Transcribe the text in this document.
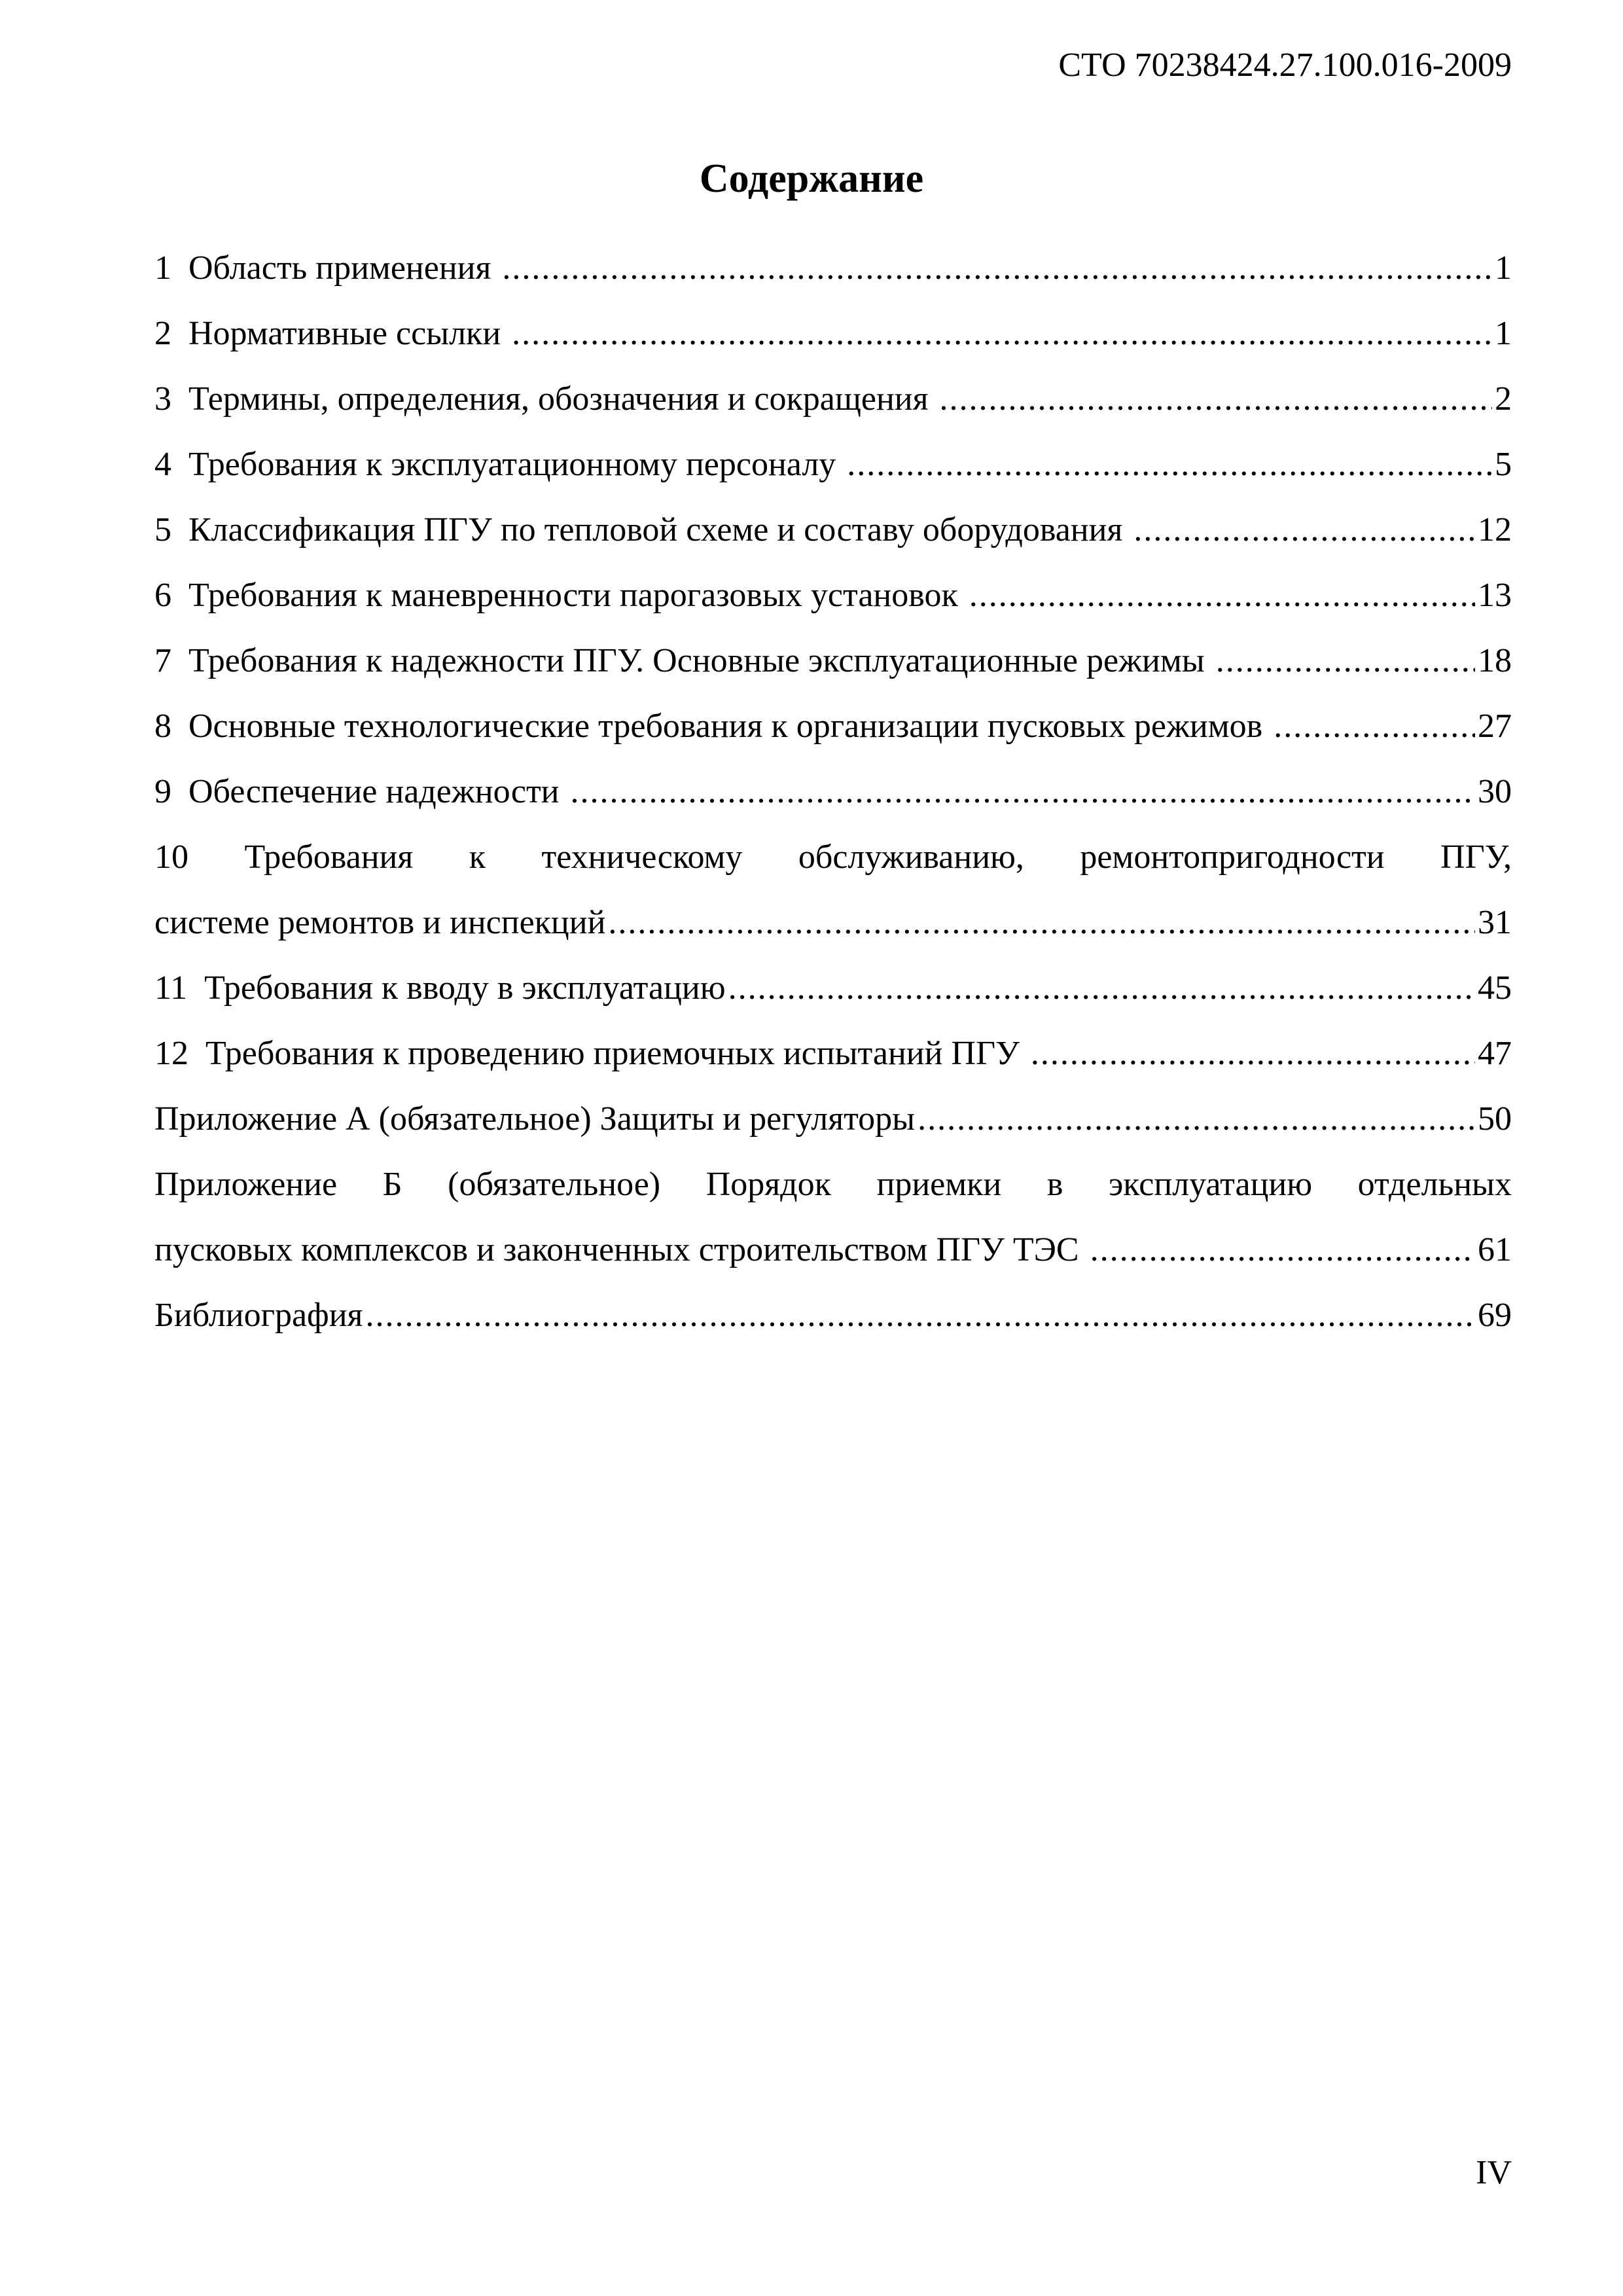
СТО 70238424.27.100.016-2009
Содержание
1  Область применения .....	1
2  Нормативные ссылки .....	1
3  Термины, определения, обозначения и сокращения .....	2
4  Требования к эксплуатационному персоналу .....	5
5  Классификация ПГУ по тепловой схеме и составу оборудования .....	12
6  Требования к маневренности парогазовых установок .....	13
7  Требования к надежности ПГУ. Основные эксплуатационные режимы .....	18
8  Основные технологические требования к организации пусковых режимов .....	27
9  Обеспечение надежности .....	30
10 Требования к техническому обслуживанию, ремонтопригодности ПГУ,
системе ремонтов и инспекций .....	31
11  Требования к вводу в эксплуатацию .....	45
12  Требования к проведению приемочных испытаний ПГУ .....	47
Приложение А (обязательное) Защиты и регуляторы .....	50
Приложение Б (обязательное) Порядок приемки в эксплуатацию отдельных
пусковых комплексов и законченных строительством ПГУ ТЭС .....	61
Библиография .....	69
IV
